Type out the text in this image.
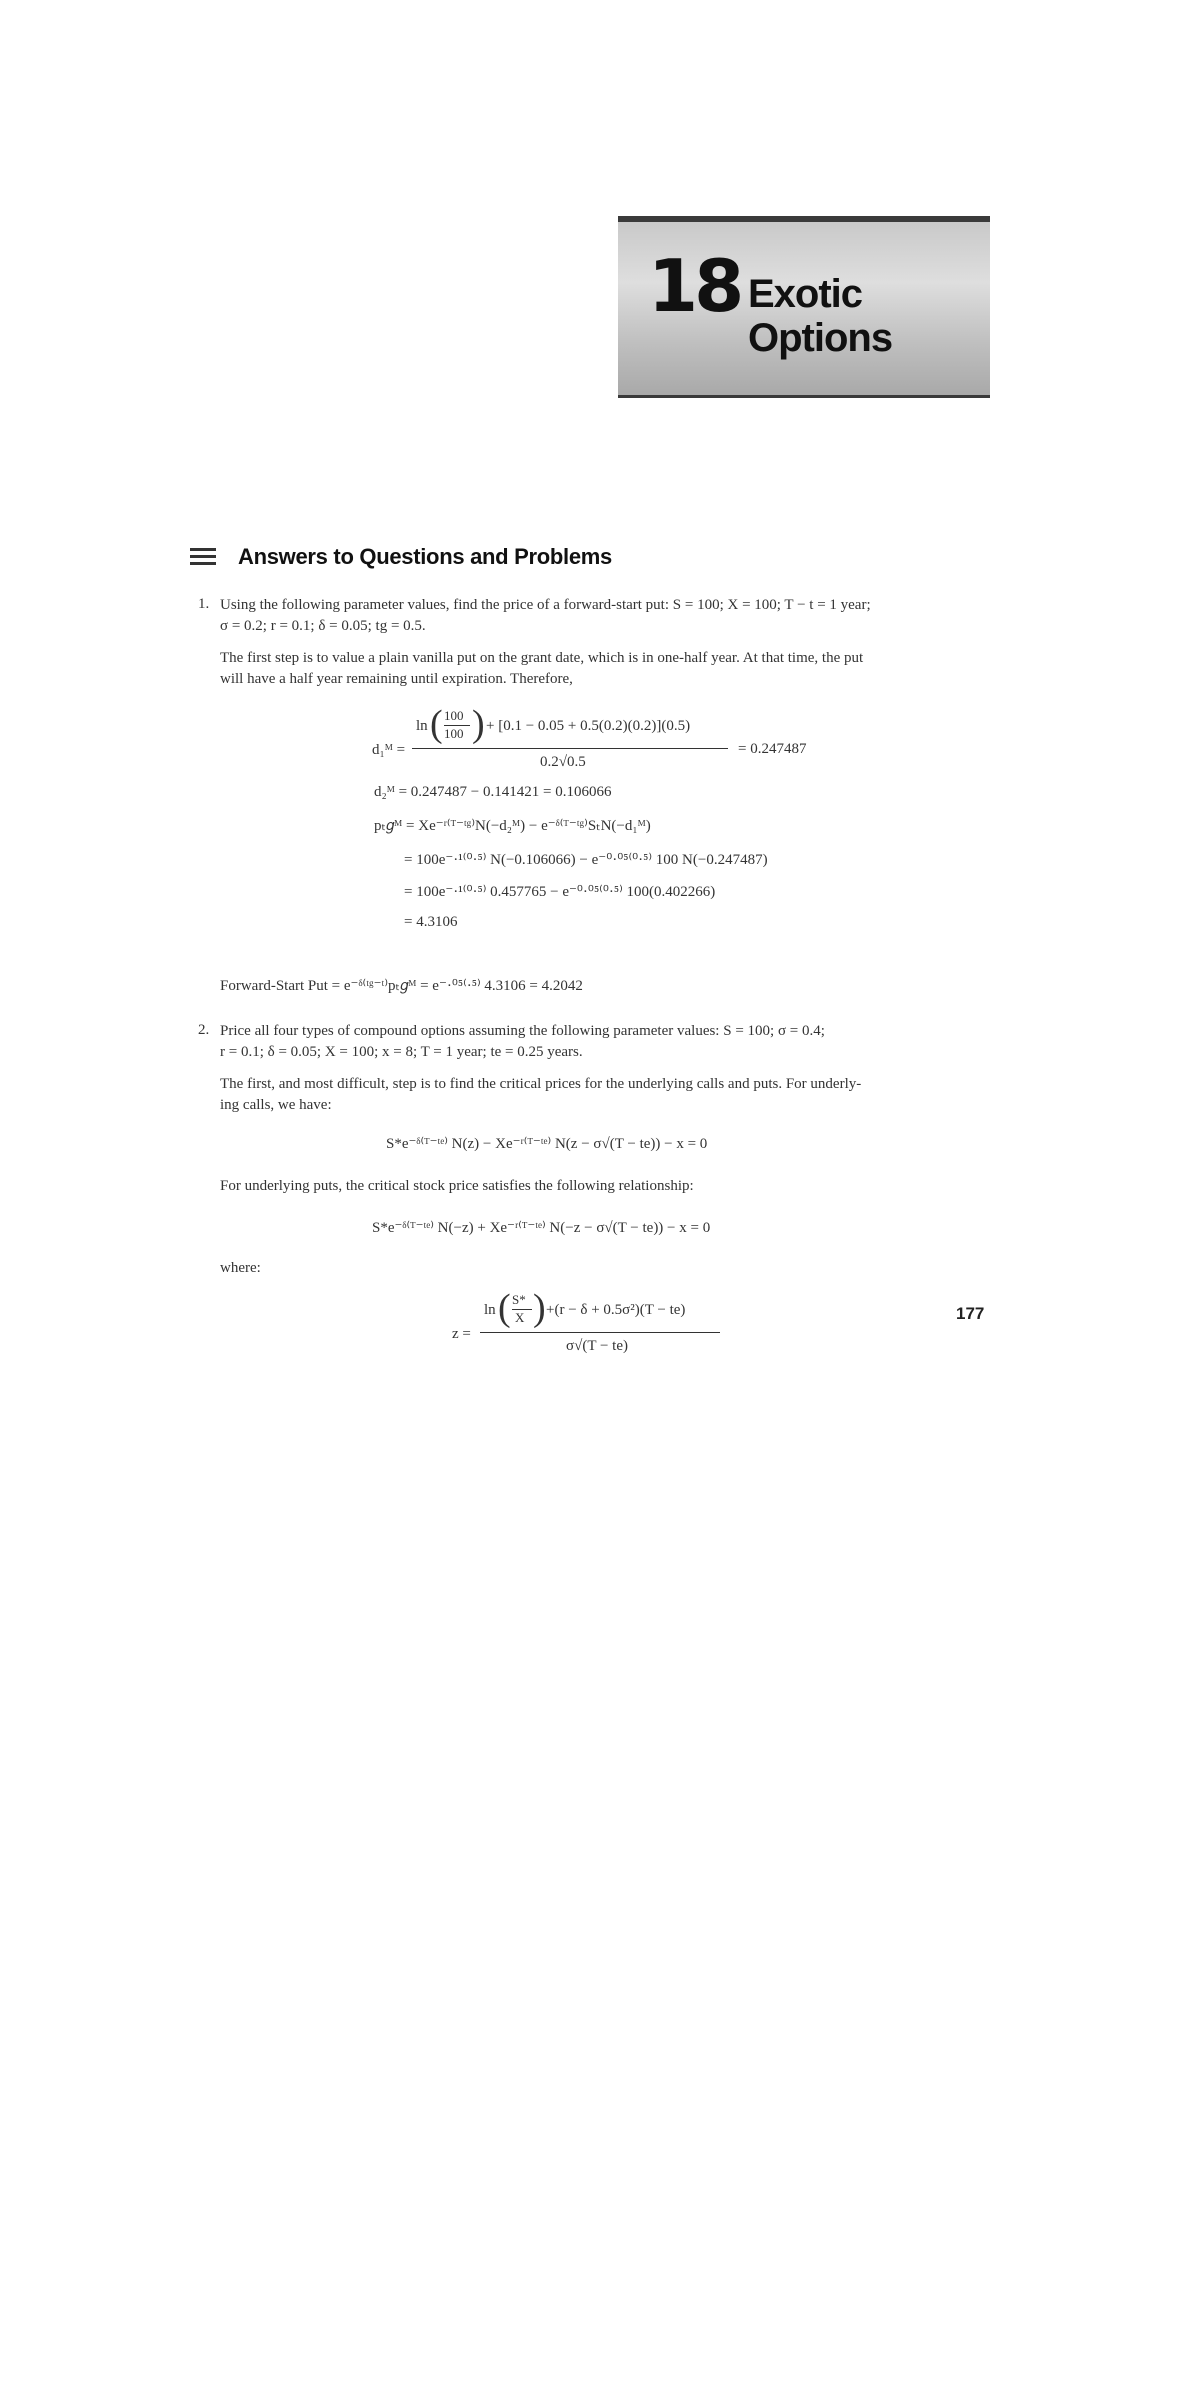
18 Exotic
Options
Answers to Questions and Problems
1. Using the following parameter values, find the price of a forward-start put: S = 100; X = 100; T − t = 1 year;
σ = 0.2; r = 0.1; δ = 0.05; tg = 0.5.
The first step is to value a plain vanilla put on the grant date, which is in one-half year. At that time, the put
will have a half year remaining until expiration. Therefore,
d₁ᴹ =
ln ( 100
100 ) + [0.1 − 0.05 + 0.5(0.2)(0.2)](0.5)
0.2√0.5
= 0.247487
d₂ᴹ = 0.247487 − 0.141421 = 0.106066
pₜ𝑔ᴹ = Xe⁻ʳ⁽ᵀ⁻ᵗᵍ⁾N(−d₂ᴹ) − e⁻ᵟ⁽ᵀ⁻ᵗᵍ⁾SₜN(−d₁ᴹ)
= 100e⁻·¹⁽⁰·⁵⁾ N(−0.106066) − e⁻⁰·⁰⁵⁽⁰·⁵⁾ 100 N(−0.247487)
= 100e⁻·¹⁽⁰·⁵⁾ 0.457765 − e⁻⁰·⁰⁵⁽⁰·⁵⁾ 100(0.402266)
= 4.3106
Forward-Start Put = e⁻ᵟ⁽ᵗᵍ⁻ᵗ⁾pₜ𝑔ᴹ = e⁻·⁰⁵⁽·⁵⁾ 4.3106 = 4.2042
2. Price all four types of compound options assuming the following parameter values: S = 100; σ = 0.4;
r = 0.1; δ = 0.05; X = 100; x = 8; T = 1 year; te = 0.25 years.
The first, and most difficult, step is to find the critical prices for the underlying calls and puts. For underly-
ing calls, we have:
S*e⁻ᵟ⁽ᵀ⁻ᵗᵉ⁾ N(z) − Xe⁻ʳ⁽ᵀ⁻ᵗᵉ⁾ N(z − σ√(T − te)) − x = 0
For underlying puts, the critical stock price satisfies the following relationship:
S*e⁻ᵟ⁽ᵀ⁻ᵗᵉ⁾ N(−z) + Xe⁻ʳ⁽ᵀ⁻ᵗᵉ⁾ N(−z − σ√(T − te)) − x = 0
where:
z =
ln ( S*
X ) +(r − δ + 0.5σ²)(T − te)
σ√(T − te)
177
